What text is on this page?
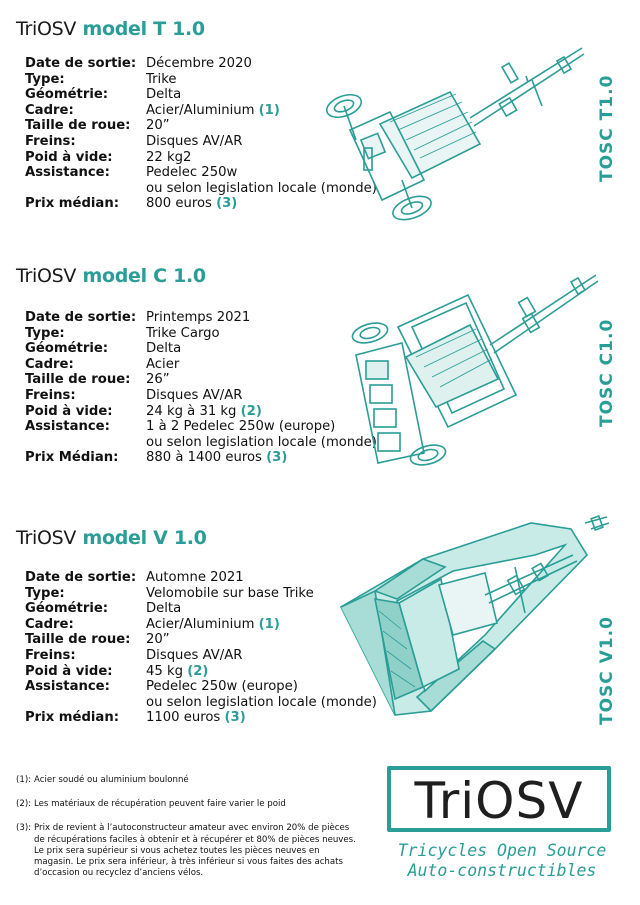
TriOSV model T 1.0
Date de sortie: Décembre 2020
Type:	Trike
Géométrie:	Delta
Cadre:	Acier/Aluminium (1)
Taille de roue:	20”
Freins:	Disques AV/AR
Poid à vide:	22 kg2
Assistance:	Pedelec 250w
ou selon legislation locale (monde)
Prix médian:	800 euros (3)
TOSC T1.0
TriOSV model C 1.0
Date de sortie: Printemps 2021
Type:	Trike Cargo
Géométrie:	Delta
Cadre:	Acier
Taille de roue:	26”
Freins:	Disques AV/AR
Poid à vide:	24 kg à 31 kg (2)
Assistance:	1 à 2 Pedelec 250w (europe)
ou selon legislation locale (monde)
Prix Médian:	880 à 1400 euros (3)
TOSC C1.0
TriOSV model V 1.0
Date de sortie: Automne 2021
Type:	Velomobile sur base Trike
Géométrie:	Delta
Cadre:	Acier/Aluminium (1)
Taille de roue:	20”
Freins:	Disques AV/AR
Poid à vide:	45 kg (2)
Assistance:	Pedelec 250w (europe)
ou selon legislation locale (monde)
Prix médian:	1100 euros (3)	TOSC V1.0
(1): Acier soudé ou aluminium boulonné
(2): Les matériaux de récupération peuvent faire varier le poid
(3): Prix de revient à l’autoconstructeur amateur avec environ 20% de pièces de récupérations faciles à obtenir et à récupérer et 80% de pièces neuves. Le prix sera supérieur si vous achetez toutes les pièces neuves en magasin. Le prix sera inférieur, à très inférieur si vous faites des achats d’occasion ou recyclez d’anciens vélos.
TriOSV
Tricycles Open Source
Auto-constructibles
